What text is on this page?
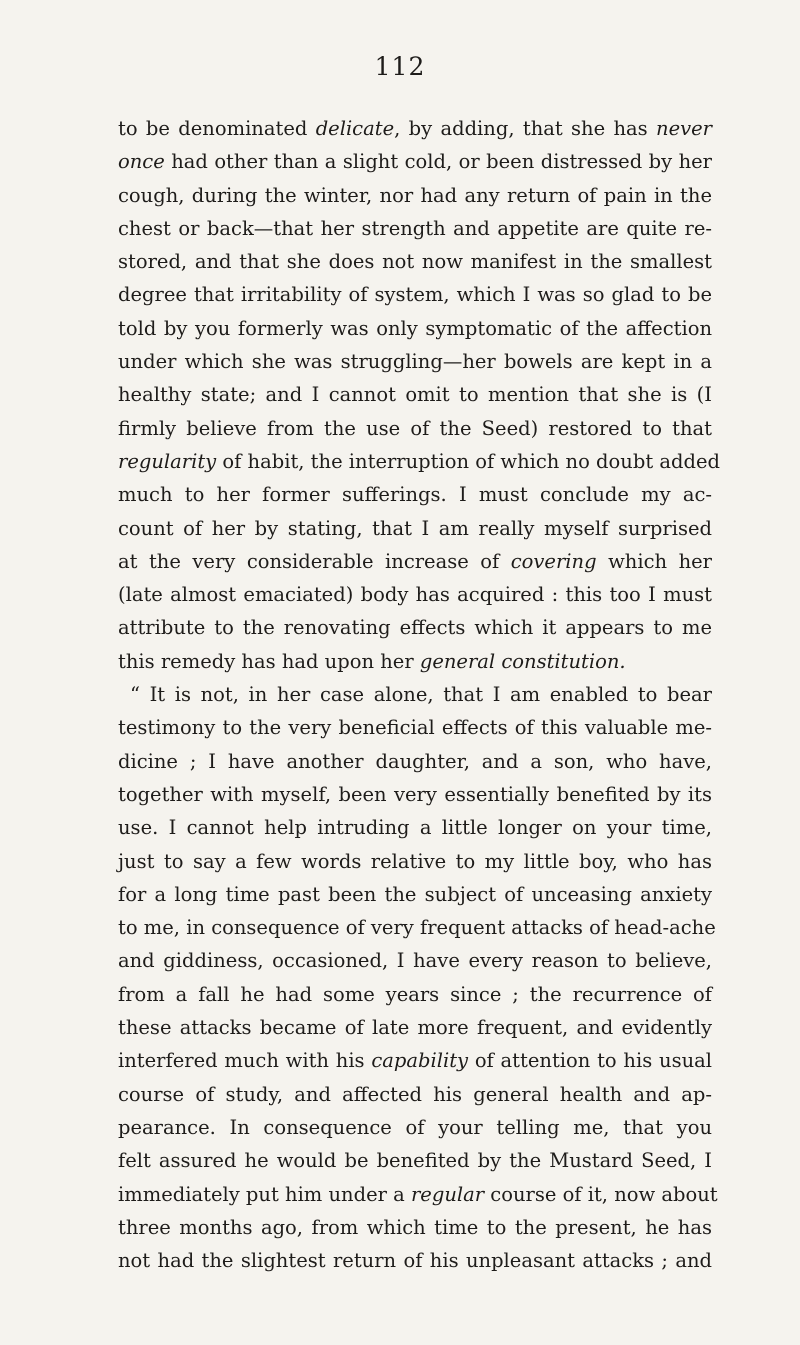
112
to be denominated delicate, by adding, that she has never
once had other than a slight cold, or been distressed by her
cough, during the winter, nor had any return of pain in the
chest or back—that her strength and appetite are quite re-
stored, and that she does not now manifest in the smallest
degree that irritability of system, which I was so glad to be
told by you formerly was only symptomatic of the affection
under which she was struggling—her bowels are kept in a
healthy state; and I cannot omit to mention that she is (I
firmly believe from the use of the Seed) restored to that
regularity of habit, the interruption of which no doubt added
much to her former sufferings. I must conclude my ac-
count of her by stating, that I am really myself surprised
at the very considerable increase of covering which her
(late almost emaciated) body has acquired : this too I must
attribute to the renovating effects which it appears to me
this remedy has had upon her general constitution.
“ It is not, in her case alone, that I am enabled to bear
testimony to the very beneficial effects of this valuable me-
dicine ; I have another daughter, and a son, who have,
together with myself, been very essentially benefited by its
use. I cannot help intruding a little longer on your time,
just to say a few words relative to my little boy, who has
for a long time past been the subject of unceasing anxiety
to me, in consequence of very frequent attacks of head-ache
and giddiness, occasioned, I have every reason to believe,
from a fall he had some years since ; the recurrence of
these attacks became of late more frequent, and evidently
interfered much with his capability of attention to his usual
course of study, and affected his general health and ap-
pearance. In consequence of your telling me, that you
felt assured he would be benefited by the Mustard Seed, I
immediately put him under a regular course of it, now about
three months ago, from which time to the present, he has
not had the slightest return of his unpleasant attacks ; and
